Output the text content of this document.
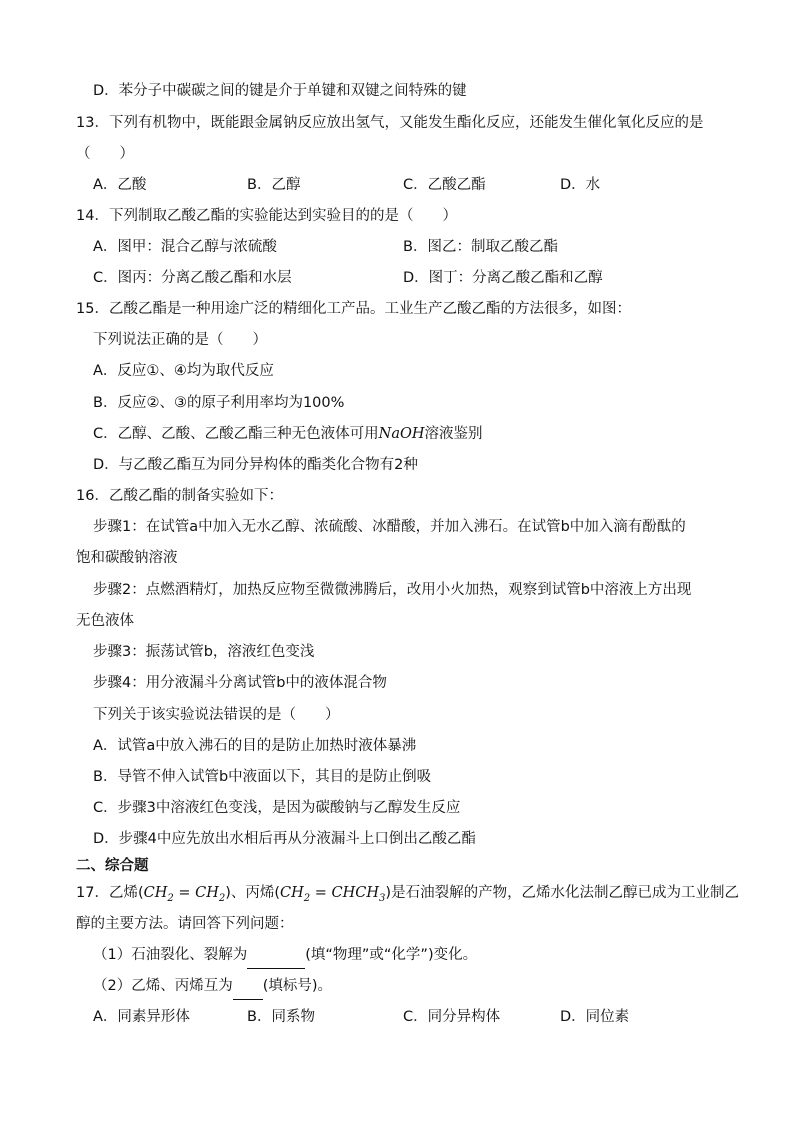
D．苯分子中碳碳之间的键是介于单键和双键之间特殊的键
13．下列有机物中，既能跟金属钠反应放出氢气，又能发生酯化反应，还能发生催化氧化反应的是
（　　）
A．乙酸	B．乙醇	C．乙酸乙酯	D．水
14．下列制取乙酸乙酯的实验能达到实验目的的是（　　）
A．图甲：混合乙醇与浓硫酸	B．图乙：制取乙酸乙酯
C．图丙：分离乙酸乙酯和水层	D．图丁：分离乙酸乙酯和乙醇
15．乙酸乙酯是一种用途广泛的精细化工产品。工业生产乙酸乙酯的方法很多，如图：
下列说法正确的是（　　）
A．反应①、④均为取代反应
B．反应②、③的原子利用率均为100%
C．乙醇、乙酸、乙酸乙酯三种无色液体可用NaOH溶液鉴别
D．与乙酸乙酯互为同分异构体的酯类化合物有2种
16．乙酸乙酯的制备实验如下：
步骤1：在试管a中加入无水乙醇、浓硫酸、冰醋酸，并加入沸石。在试管b中加入滴有酚酞的
饱和碳酸钠溶液
步骤2：点燃酒精灯，加热反应物至微微沸腾后，改用小火加热，观察到试管b中溶液上方出现
无色液体
步骤3：振荡试管b，溶液红色变浅
步骤4：用分液漏斗分离试管b中的液体混合物
下列关于该实验说法错误的是（　　）
A．试管a中放入沸石的目的是防止加热时液体暴沸
B．导管不伸入试管b中液面以下，其目的是防止倒吸
C．步骤3中溶液红色变浅，是因为碳酸钠与乙醇发生反应
D．步骤4中应先放出水相后再从分液漏斗上口倒出乙酸乙酯
二、综合题
17．乙烯$(CH_2 = CH_2)$、丙烯($CH_2$ = $CHCH_3$)是石油裂解的产物，乙烯水化法制乙醇已成为工业制乙
醇的主要方法。请回答下列问题：
（1）石油裂化、裂解为	(填“物理”或“化学”)变化。
（2）乙烯、丙烯互为 (填标号)。
A．同素异形体	B．同系物	C．同分异构体	D．同位素
